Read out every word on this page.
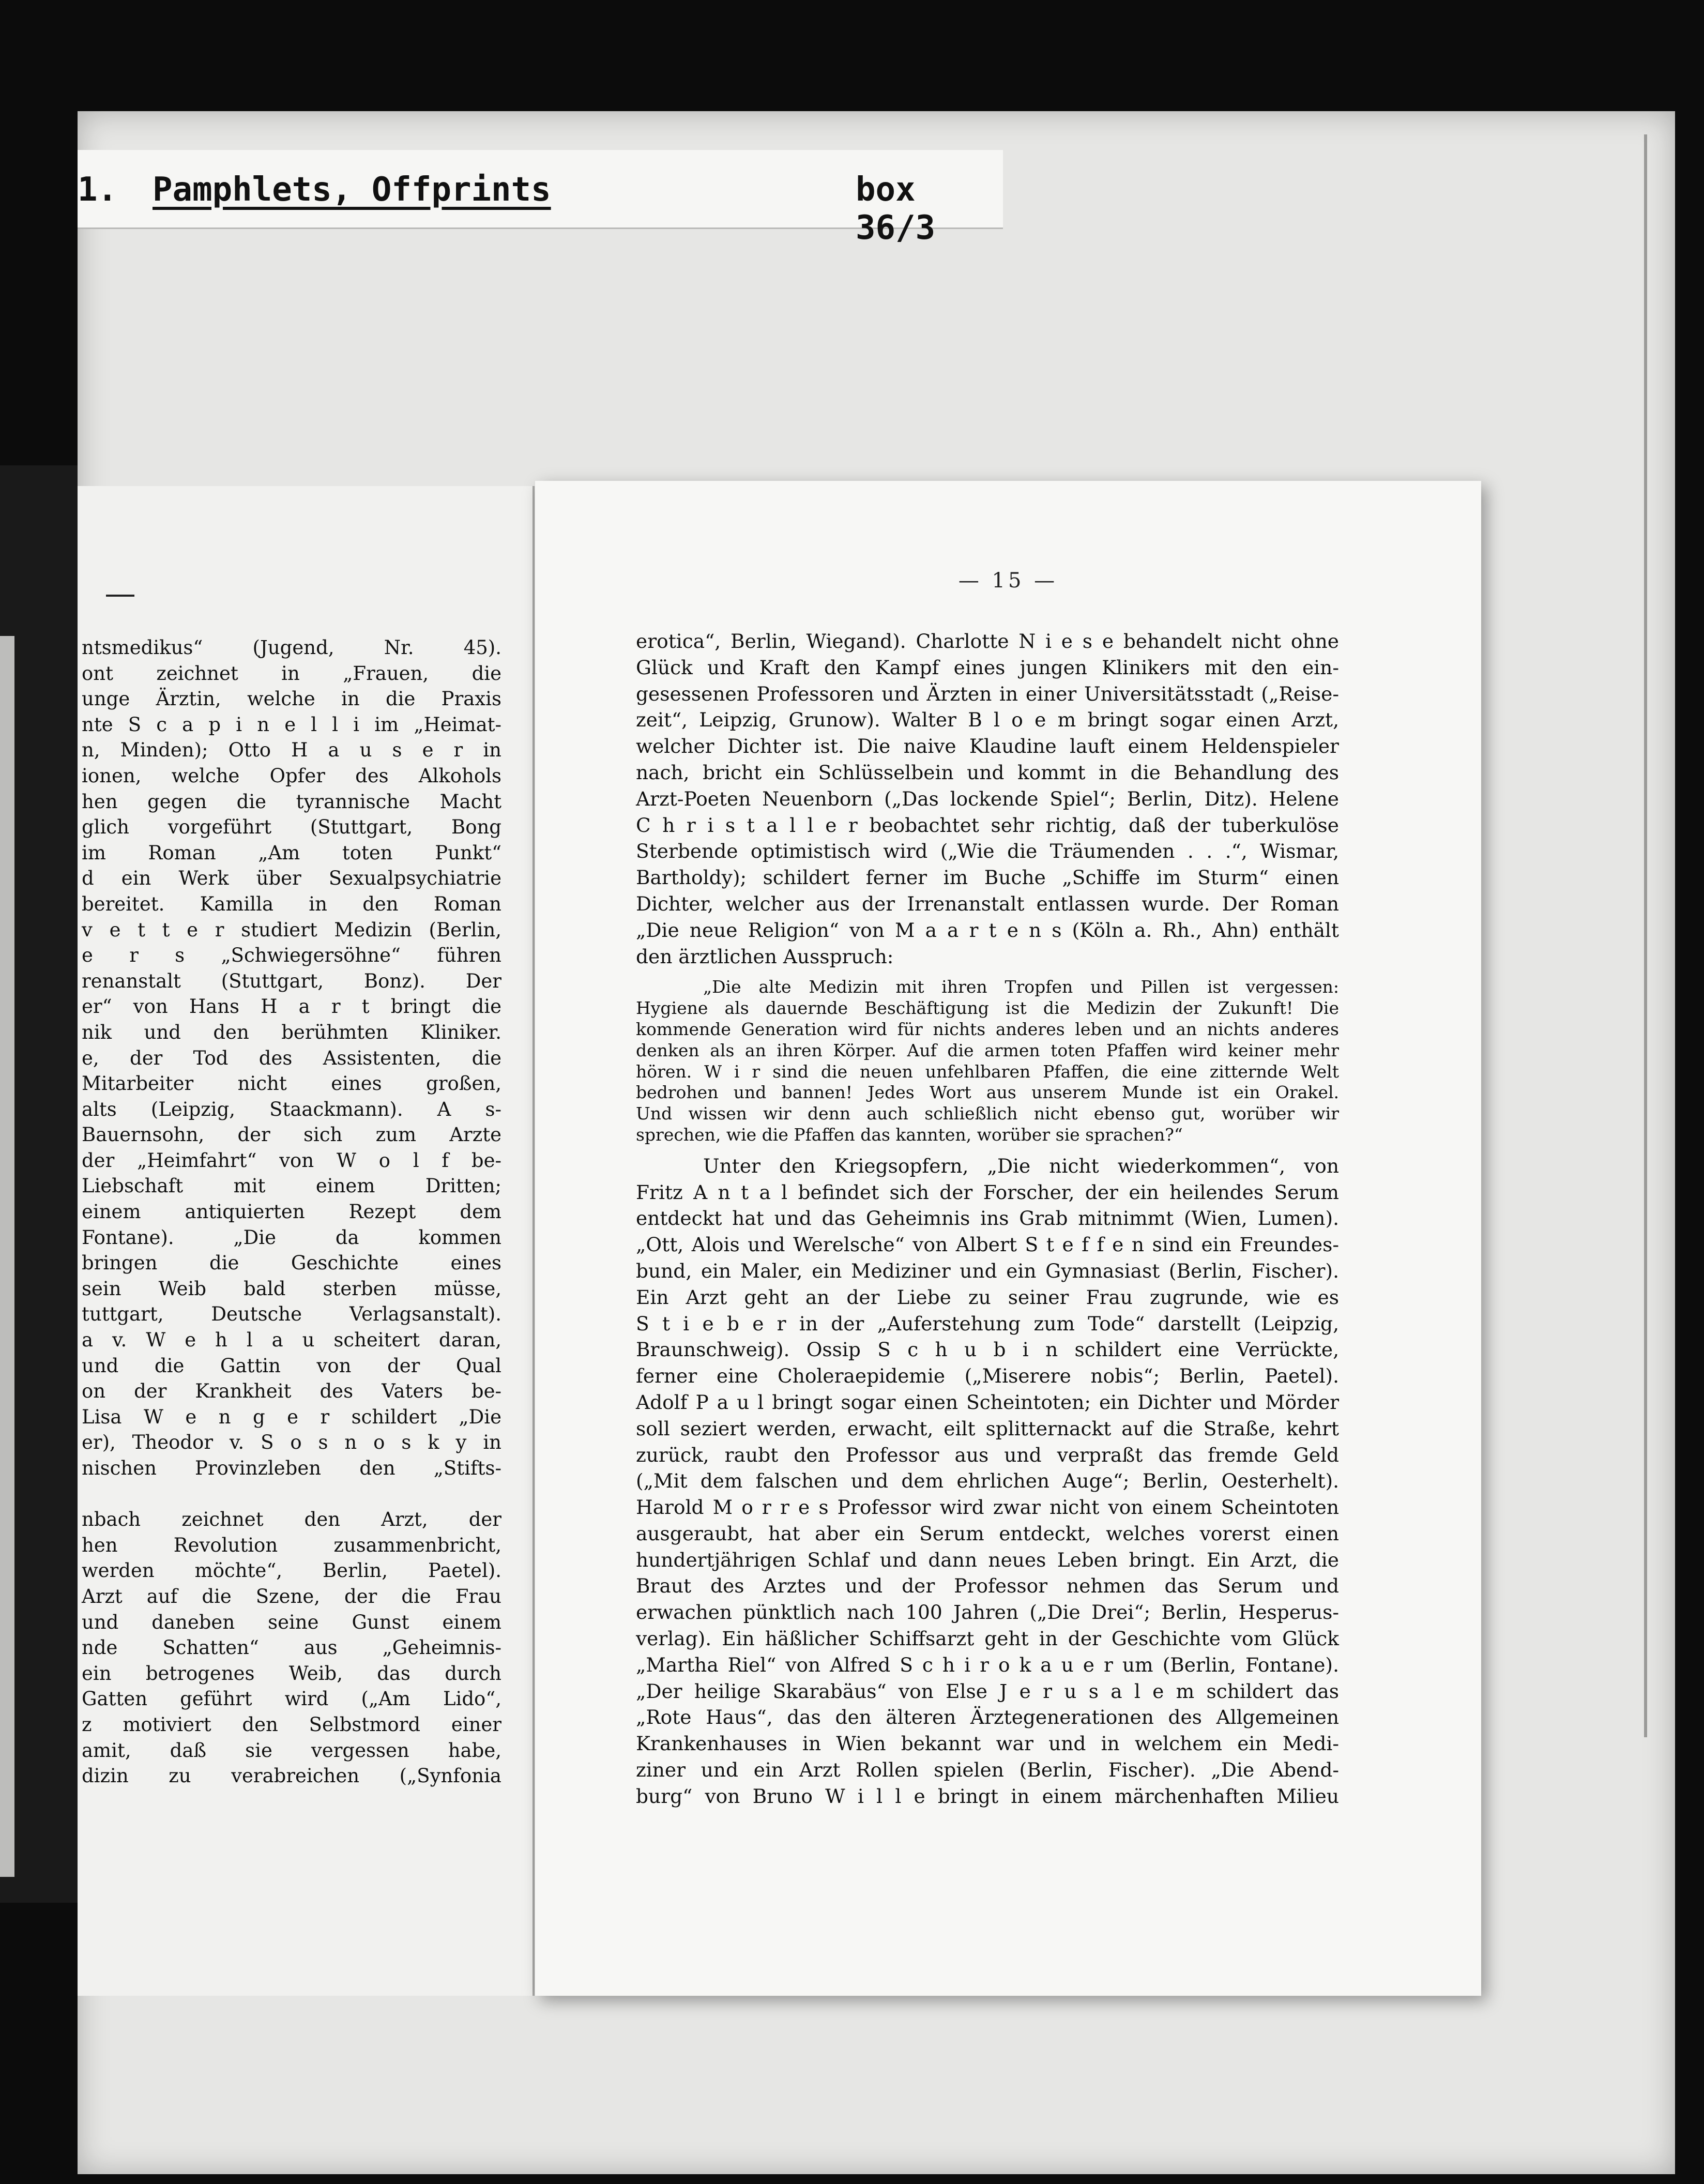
1. Pamphlets, Offprints	box 36/3
ntsmedikus“ (Jugend, Nr. 45).
ont zeichnet in „Frauen, die
unge Ärztin, welche in die Praxis
nte S c a p i n e l l i im „Heimat-
n, Minden); Otto H a u s e r in
ionen, welche Opfer des Alkohols
hen gegen die tyrannische Macht
glich vorgeführt (Stuttgart, Bong
im Roman „Am toten Punkt“
d ein Werk über Sexualpsychiatrie
bereitet. Kamilla in den Roman
v e t t e r studiert Medizin (Berlin,
e r s „Schwiegersöhne“ führen
renanstalt (Stuttgart, Bonz). Der
er“ von Hans H a r t bringt die
nik und den berühmten Kliniker.
e, der Tod des Assistenten, die
Mitarbeiter nicht eines großen,
alts (Leipzig, Staackmann). A s-
Bauernsohn, der sich zum Arzte
der „Heimfahrt“ von W o l f be-
Liebschaft mit einem Dritten;
einem antiquierten Rezept dem
Fontane). „Die da kommen
bringen die Geschichte eines
sein Weib bald sterben müsse,
tuttgart, Deutsche Verlagsanstalt).
a v. W e h l a u scheitert daran,
und die Gattin von der Qual
on der Krankheit des Vaters be-
Lisa W e n g e r schildert „Die
er), Theodor v. S o s n o s k y in
nischen Provinzleben den „Stifts-
nbach zeichnet den Arzt, der
hen Revolution zusammenbricht,
werden möchte“, Berlin, Paetel).
Arzt auf die Szene, der die Frau
und daneben seine Gunst einem
nde Schatten“ aus „Geheimnis-
ein betrogenes Weib, das durch
Gatten geführt wird („Am Lido“,
z motiviert den Selbstmord einer
amit, daß sie vergessen habe,
dizin zu verabreichen („Synfonia
— 15 —
erotica“, Berlin, Wiegand). Charlotte N i e s e behandelt nicht ohne
Glück und Kraft den Kampf eines jungen Klinikers mit den ein-
gesessenen Professoren und Ärzten in einer Universitätsstadt („Reise-
zeit“, Leipzig, Grunow). Walter B l o e m bringt sogar einen Arzt,
welcher Dichter ist. Die naive Klaudine lauft einem Heldenspieler
nach, bricht ein Schlüsselbein und kommt in die Behandlung des
Arzt-Poeten Neuenborn („Das lockende Spiel“; Berlin, Ditz). Helene
C h r i s t a l l e r beobachtet sehr richtig, daß der tuberkulöse
Sterbende optimistisch wird („Wie die Träumenden . . .“, Wismar,
Bartholdy); schildert ferner im Buche „Schiffe im Sturm“ einen
Dichter, welcher aus der Irrenanstalt entlassen wurde. Der Roman
„Die neue Religion“ von M a a r t e n s (Köln a. Rh., Ahn) enthält
den ärztlichen Ausspruch:
„Die alte Medizin mit ihren Tropfen und Pillen ist vergessen:
Hygiene als dauernde Beschäftigung ist die Medizin der Zukunft! Die
kommende Generation wird für nichts anderes leben und an nichts anderes
denken als an ihren Körper. Auf die armen toten Pfaffen wird keiner mehr
hören. W i r sind die neuen unfehlbaren Pfaffen, die eine zitternde Welt
bedrohen und bannen! Jedes Wort aus unserem Munde ist ein Orakel.
Und wissen wir denn auch schließlich nicht ebenso gut, worüber wir
sprechen, wie die Pfaffen das kannten, worüber sie sprachen?“
Unter den Kriegsopfern, „Die nicht wiederkommen“, von
Fritz A n t a l befindet sich der Forscher, der ein heilendes Serum
entdeckt hat und das Geheimnis ins Grab mitnimmt (Wien, Lumen).
„Ott, Alois und Werelsche“ von Albert S t e f f e n sind ein Freundes-
bund, ein Maler, ein Mediziner und ein Gymnasiast (Berlin, Fischer).
Ein Arzt geht an der Liebe zu seiner Frau zugrunde, wie es
S t i e b e r in der „Auferstehung zum Tode“ darstellt (Leipzig,
Braunschweig). Ossip S c h u b i n schildert eine Verrückte,
ferner eine Choleraepidemie („Miserere nobis“; Berlin, Paetel).
Adolf P a u l bringt sogar einen Scheintoten; ein Dichter und Mörder
soll seziert werden, erwacht, eilt splitternackt auf die Straße, kehrt
zurück, raubt den Professor aus und verpraßt das fremde Geld
(„Mit dem falschen und dem ehrlichen Auge“; Berlin, Oesterhelt).
Harold M o r r e s Professor wird zwar nicht von einem Scheintoten
ausgeraubt, hat aber ein Serum entdeckt, welches vorerst einen
hundertjährigen Schlaf und dann neues Leben bringt. Ein Arzt, die
Braut des Arztes und der Professor nehmen das Serum und
erwachen pünktlich nach 100 Jahren („Die Drei“; Berlin, Hesperus-
verlag). Ein häßlicher Schiffsarzt geht in der Geschichte vom Glück
„Martha Riel“ von Alfred S c h i r o k a u e r um (Berlin, Fontane).
„Der heilige Skarabäus“ von Else J e r u s a l e m schildert das
„Rote Haus“, das den älteren Ärztegenerationen des Allgemeinen
Krankenhauses in Wien bekannt war und in welchem ein Medi-
ziner und ein Arzt Rollen spielen (Berlin, Fischer). „Die Abend-
burg“ von Bruno W i l l e bringt in einem märchenhaften Milieu
